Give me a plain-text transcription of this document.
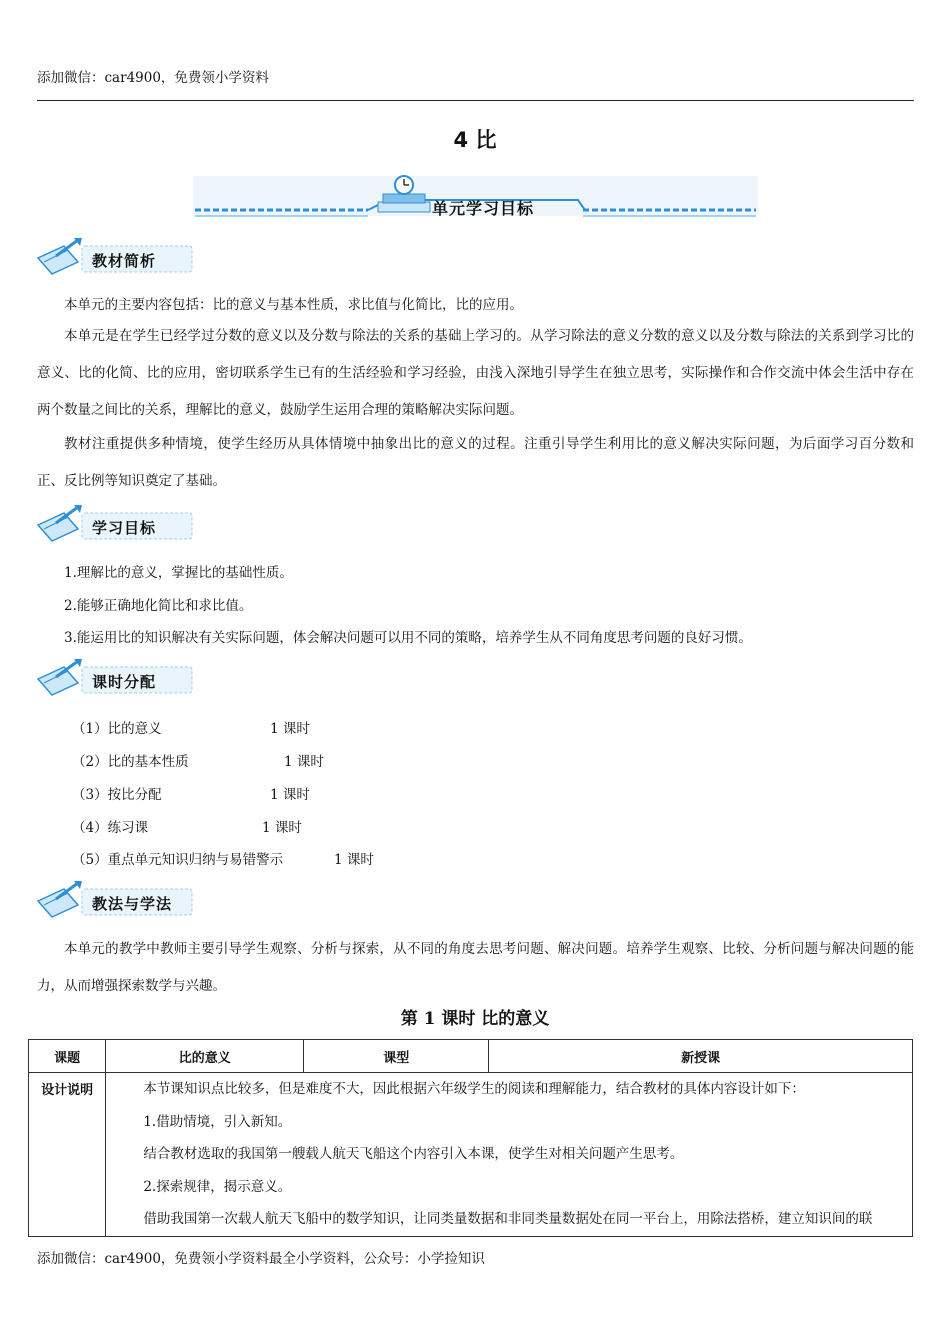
添加微信：car4900，免费领小学资料
4 比
单元学习目标
教材简析
本单元的主要内容包括：比的意义与基本性质，求比值与化简比，比的应用。
本单元是在学生已经学过分数的意义以及分数与除法的关系的基础上学习的。从学习除法的意义分数的意义以及分数与除法的关系到学习比的意义、比的化简、比的应用，密切联系学生已有的生活经验和学习经验，由浅入深地引导学生在独立思考，实际操作和合作交流中体会生活中存在两个数量之间比的关系，理解比的意义，鼓励学生运用合理的策略解决实际问题。
教材注重提供多种情境，使学生经历从具体情境中抽象出比的意义的过程。注重引导学生利用比的意义解决实际问题，为后面学习百分数和正、反比例等知识奠定了基础。
学习目标
1.理解比的意义，掌握比的基础性质。
2.能够正确地化简比和求比值。
3.能运用比的知识解决有关实际问题，体会解决问题可以用不同的策略，培养学生从不同角度思考问题的良好习惯。
课时分配
（1）比的意义	1 课时
（2）比的基本性质	1 课时
（3）按比分配	1 课时
（4）练习课	1 课时
（5）重点单元知识归纳与易错警示	1 课时
教法与学法
本单元的教学中教师主要引导学生观察、分析与探索，从不同的角度去思考问题、解决问题。培养学生观察、比较、分析问题与解决问题的能力，从而增强探索数学与兴趣。
第 1 课时 比的意义
课题	比的意义	课型	新授课
设计说明	本节课知识点比较多，但是难度不大，因此根据六年级学生的阅读和理解能力，结合教材的具体内容设计如下：

1.借助情境，引入新知。

结合教材选取的我国第一艘载人航天飞船这个内容引入本课，使学生对相关问题产生思考。

2.探索规律，揭示意义。

借助我国第一次载人航天飞船中的数学知识，让同类量数据和非同类量数据处在同一平台上，用除法搭桥，建立知识间的联		

添加微信：car4900，免费领小学资料最全小学资料，公众号：小学捡知识
